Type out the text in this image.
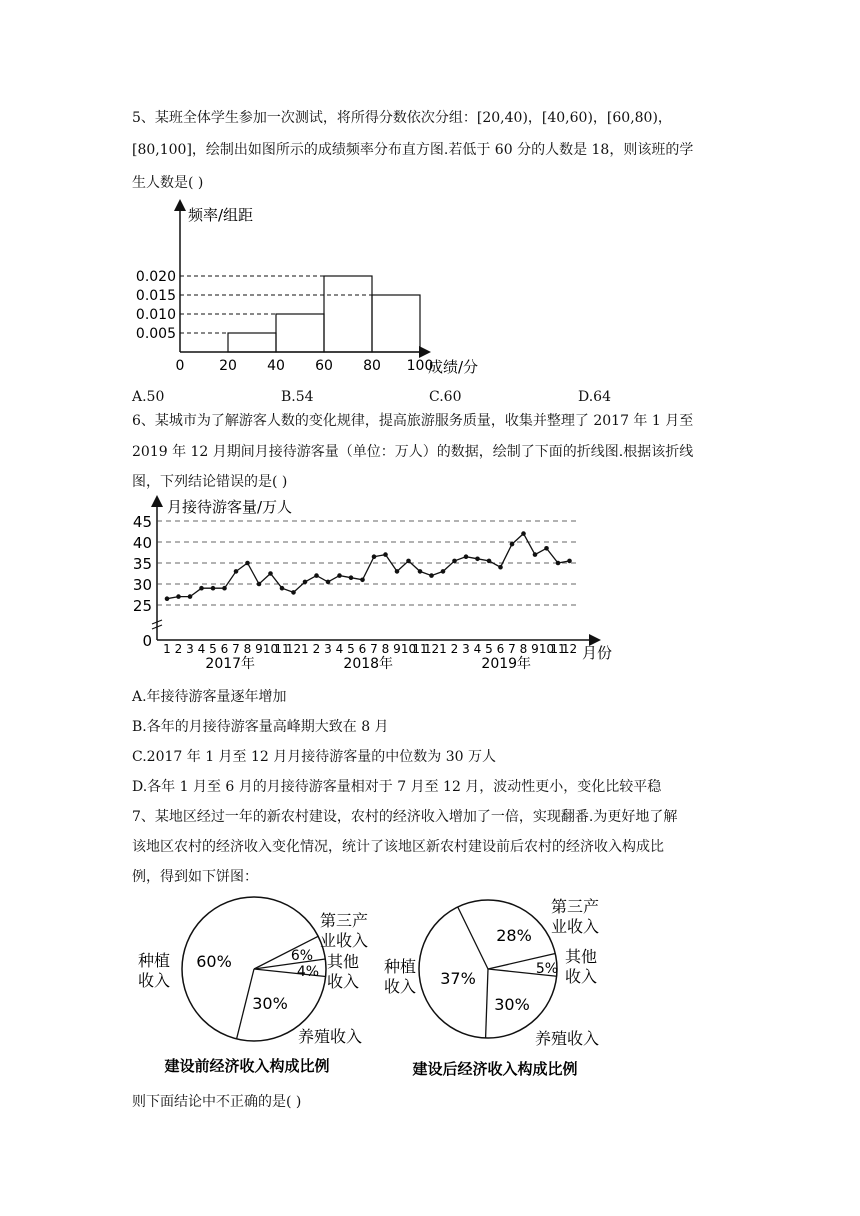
5、某班全体学生参加一次测试，将所得分数依次分组：[20,40)，[40,60)，[60,80)，
[80,100]，绘制出如图所示的成绩频率分布直方图.若低于 60 分的人数是 18，则该班的学
生人数是( )
频率/组距
成绩/分
0.005
0.010
0.015
0.020
0 20 40 60 80 100
A.50	B.54	C.60	D.64
6、某城市为了解游客人数的变化规律，提高旅游服务质量，收集并整理了 2017 年 1 月至
2019 年 12 月期间月接待游客量（单位：万人）的数据，绘制了下面的折线图.根据该折线
图，下列结论错误的是( )
月接待游客量/万人
月份
0
25
30
35
40
45
1 2 3 4 5 6 7 8 9 10
11
12 1 2 3 4 5 6 7 8 9 10
11
12 1 2 3 4 5 6 7 8 9 10
11
12
2017年	2018年	2019年
A.年接待游客量逐年增加
B.各年的月接待游客量高峰期大致在 8 月
C.2017 年 1 月至 12 月月接待游客量的中位数为 30 万人
D.各年 1 月至 6 月的月接待游客量相对于 7 月至 12 月，波动性更小，变化比较平稳
7、某地区经过一年的新农村建设，农村的经济收入增加了一倍，实现翻番.为更好地了解
该地区农村的经济收入变化情况，统计了该地区新农村建设前后农村的经济收入构成比
例，得到如下饼图：
60%
种植
收入
6%
第三产
业收入
4%
其他
收入
30%
养殖收入
建设前经济收入构成比例
37%
种植
收入
28%
第三产
业收入
5%
其他
收入
30%
养殖收入
建设后经济收入构成比例
则下面结论中不正确的是( )
